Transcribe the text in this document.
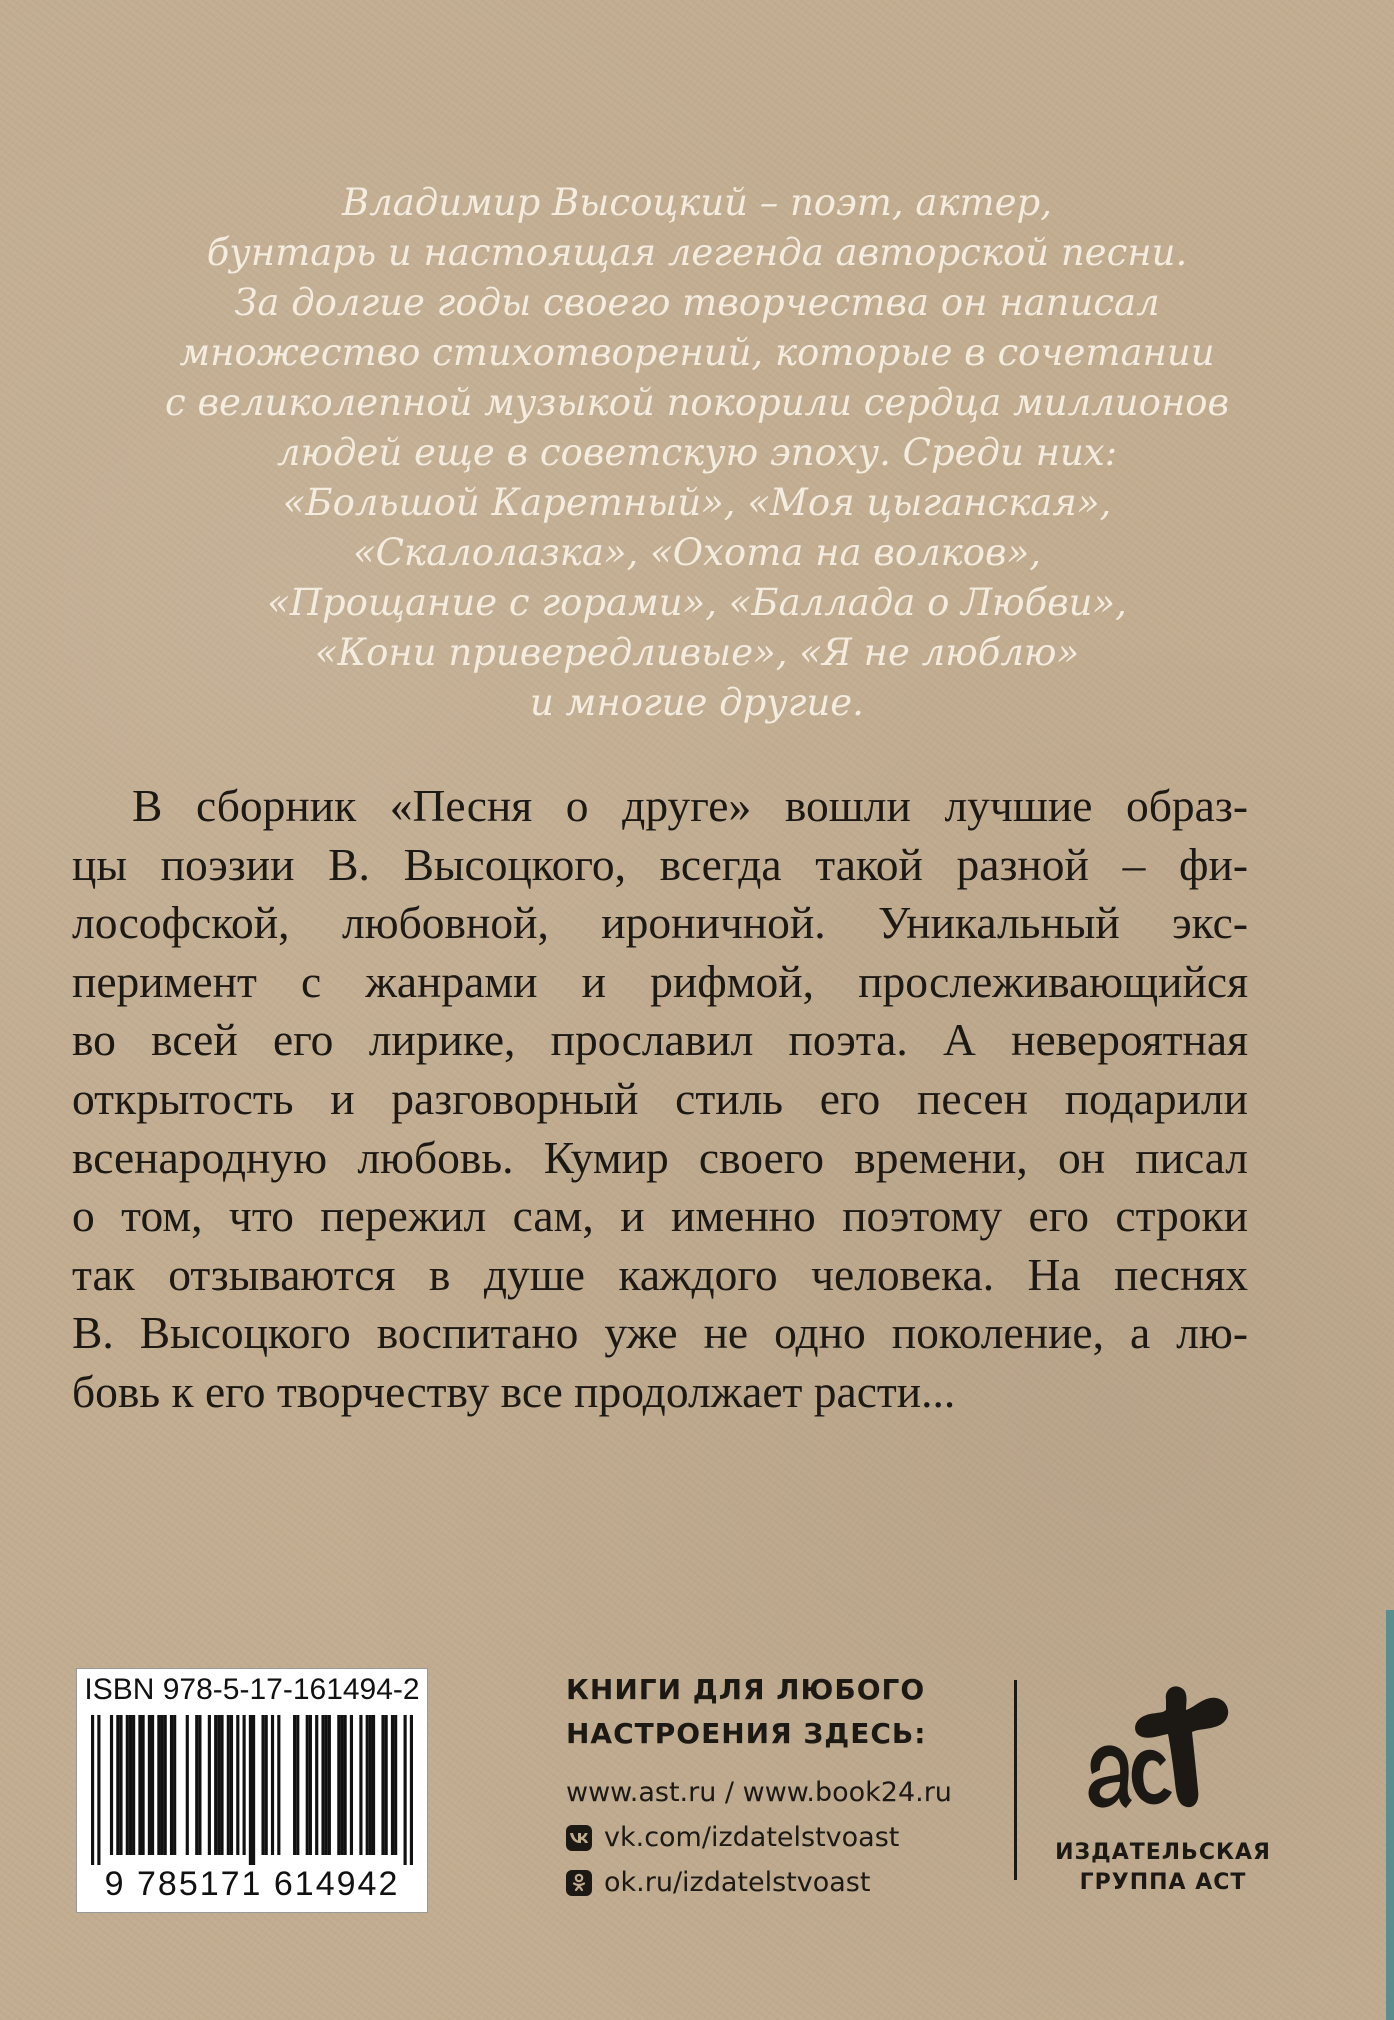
Владимир Высоцкий – поэт, актер,
бунтарь и настоящая легенда авторской песни.
За долгие годы своего творчества он написал
множество стихотворений, которые в сочетании
с великолепной музыкой покорили сердца миллионов
людей еще в советскую эпоху. Среди них:
«Большой Каретный», «Моя цыганская»,
«Скалолазка», «Охота на волков»,
«Прощание с горами», «Баллада о Любви»,
«Кони привередливые», «Я не люблю»
и многие другие.
В сборник «Песня о друге» вошли лучшие образ-
цы поэзии В. Высоцкого, всегда такой разной – фи-
лософской, любовной, ироничной. Уникальный экс-
перимент с жанрами и рифмой, прослеживающийся
во всей его лирике, прославил поэта. А невероятная
открытость и разговорный стиль его песен подарили
всенародную любовь. Кумир своего времени, он писал
о том, что пережил сам, и именно поэтому его строки
так отзываются в душе каждого человека. На песнях
В. Высоцкого воспитано уже не одно поколение, а лю-
бовь к его творчеству все продолжает расти...
ISBN 978-5-17-161494-2
9 785171 614942
КНИГИ ДЛЯ ЛЮБОГО
НАСТРОЕНИЯ ЗДЕСЬ:
www.ast.ru / www.book24.ru
vk.com/izdatelstvoast
ok.ru/izdatelstvoast
ИЗДАТЕЛЬСКАЯ
ГРУППА АСТ
